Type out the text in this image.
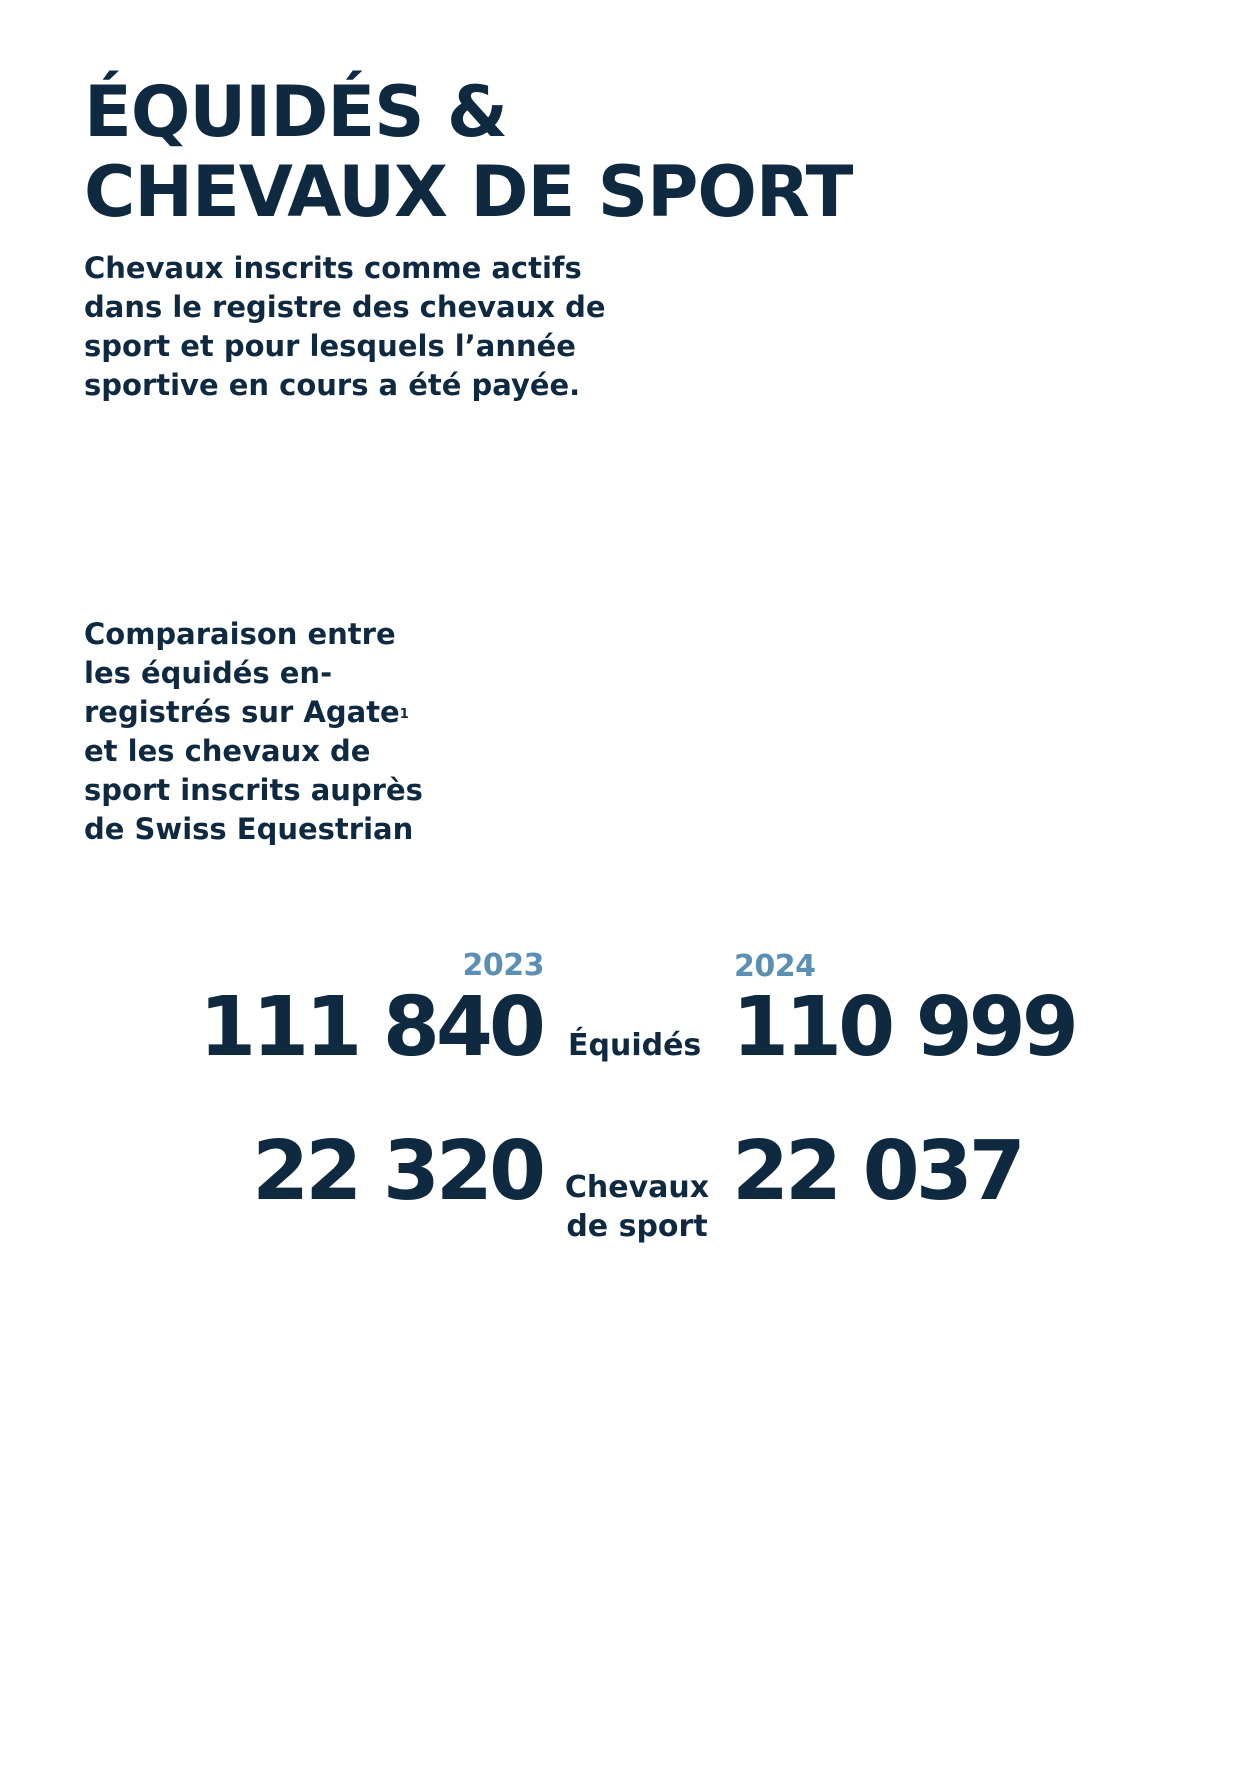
ÉQUIDÉS &
CHEVAUX DE SPORT

Chevaux inscrits comme actifs
dans le registre des chevaux de
sport et pour lesquels l’année
sportive en cours a été payée.

Comparaison entre
les équidés en-
registrés sur Agate$^1$
et les chevaux de
sport inscrits auprès
de Swiss Equestrian

2023	2024
111 840 Équidés 110 999
22 320 Chevaux
de sport
22 037
